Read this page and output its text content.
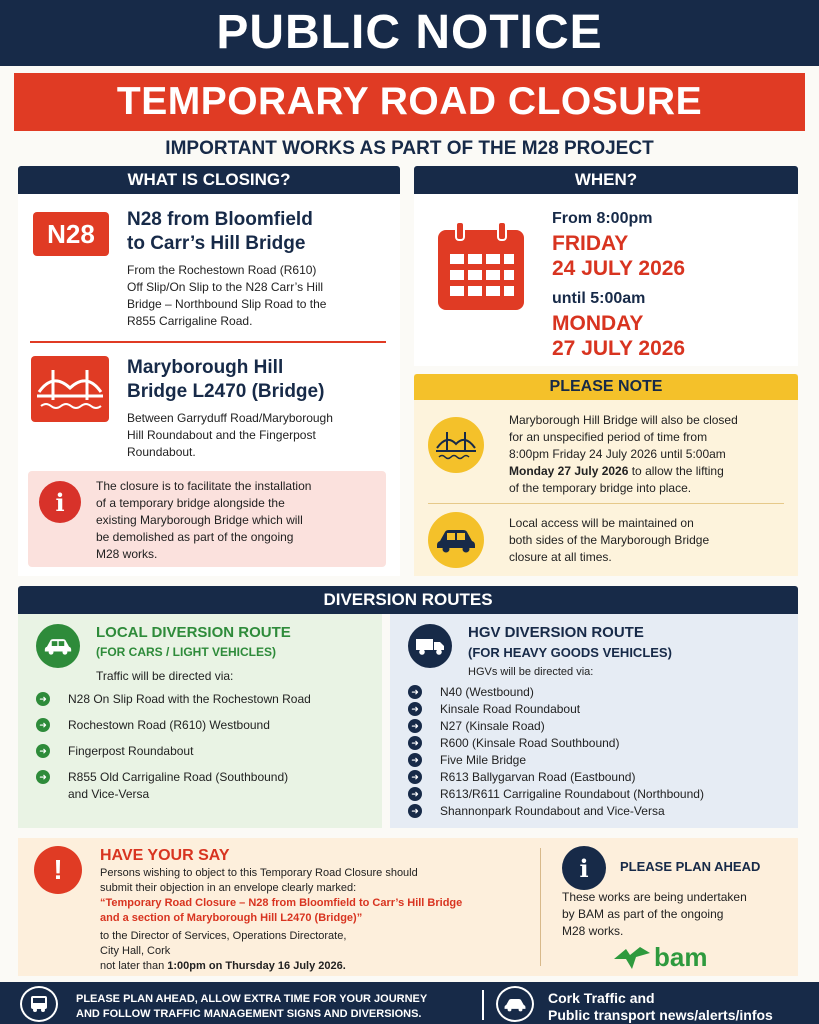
PUBLIC NOTICE
TEMPORARY ROAD CLOSURE
IMPORTANT WORKS AS PART OF THE M28 PROJECT
WHAT IS CLOSING?
N28	N28 from Bloomfield
to Carr’s Hill Bridge
From the Rochestown Road (R610)
Off Slip/On Slip to the N28 Carr’s Hill
Bridge – Northbound Slip Road to the
R855 Carrigaline Road.
Maryborough Hill
Bridge L2470 (Bridge)
Between Garryduff Road/Maryborough
Hill Roundabout and the Fingerpost
Roundabout.
i
The closure is to facilitate the installation
of a temporary bridge alongside the
existing Maryborough Bridge which will
be demolished as part of the ongoing
M28 works.
WHEN?
From 8:00pm
FRIDAY
24 JULY 2026
until 5:00am
MONDAY
27 JULY 2026
PLEASE NOTE
Maryborough Hill Bridge will also be closed
for an unspecified period of time from
8:00pm Friday 24 July 2026 until 5:00am
Monday 27 July 2026 to allow the lifting
of the temporary bridge into place.
Local access will be maintained on
both sides of the Maryborough Bridge
closure at all times.
DIVERSION ROUTES
LOCAL DIVERSION ROUTE
(FOR CARS / LIGHT VEHICLES)
Traffic will be directed via:
➜ N28 On Slip Road with the Rochestown Road
➜ Rochestown Road (R610) Westbound
➜ Fingerpost Roundabout
➜ R855 Old Carrigaline Road (Southbound)
and Vice-Versa
HGV DIVERSION ROUTE
(FOR HEAVY GOODS VEHICLES)
HGVs will be directed via:
➜ N40 (Westbound)
➜ Kinsale Road Roundabout
➜ N27 (Kinsale Road)
➜ R600 (Kinsale Road Southbound)
➜ Five Mile Bridge
➜ R613 Ballygarvan Road (Eastbound)
➜ R613/R611 Carrigaline Roundabout (Northbound)
➜ Shannonpark Roundabout and Vice-Versa
!	HAVE YOUR SAY
Persons wishing to object to this Temporary Road Closure should
submit their objection in an envelope clearly marked:
“Temporary Road Closure – N28 from Bloomfield to Carr’s Hill Bridge
and a section of Maryborough Hill L2470 (Bridge)”
to the Director of Services, Operations Directorate,
City Hall, Cork
not later than 1:00pm on Thursday 16 July 2026.
i	PLEASE PLAN AHEAD
These works are being undertaken
by BAM as part of the ongoing
M28 works.
bam
PLEASE PLAN AHEAD, ALLOW EXTRA TIME FOR YOUR JOURNEY
AND FOLLOW TRAFFIC MANAGEMENT SIGNS AND DIVERSIONS.
Cork Traffic and
Public transport news/alerts/infos
